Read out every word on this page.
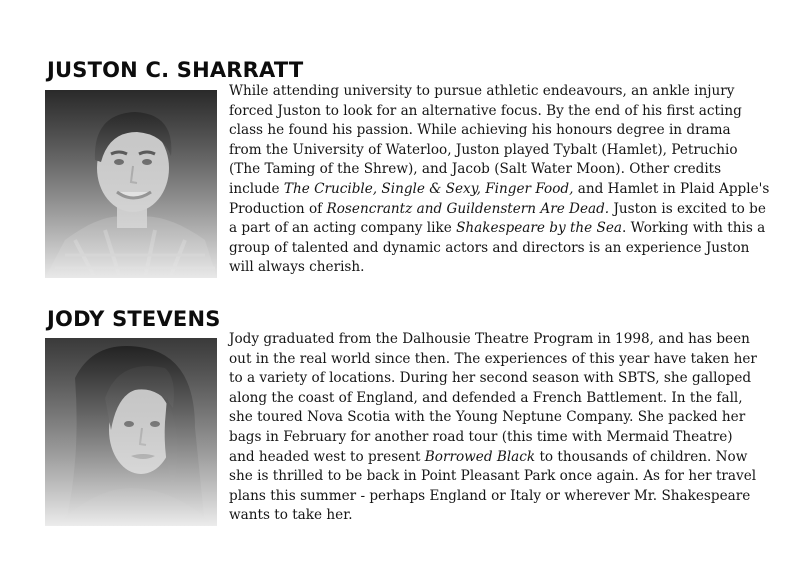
JUSTON C. SHARRATT
While attending university to pursue athletic endeavours, an ankle injury
forced Juston to look for an alternative focus. By the end of his first acting
class he found his passion. While achieving his honours degree in drama
from the University of Waterloo, Juston played Tybalt (Hamlet), Petruchio
(The Taming of the Shrew), and Jacob (Salt Water Moon). Other credits
include The Crucible, Single & Sexy, Finger Food, and Hamlet in Plaid Apple's
Production of Rosencrantz and Guildenstern Are Dead. Juston is excited to be
a part of an acting company like Shakespeare by the Sea. Working with this a
group of talented and dynamic actors and directors is an experience Juston
will always cherish.
JODY STEVENS
Jody graduated from the Dalhousie Theatre Program in 1998, and has been
out in the real world since then. The experiences of this year have taken her
to a variety of locations. During her second season with SBTS, she galloped
along the coast of England, and defended a French Battlement. In the fall,
she toured Nova Scotia with the Young Neptune Company. She packed her
bags in February for another road tour (this time with Mermaid Theatre)
and headed west to present Borrowed Black to thousands of children. Now
she is thrilled to be back in Point Pleasant Park once again. As for her travel
plans this summer - perhaps England or Italy or wherever Mr. Shakespeare
wants to take her.
